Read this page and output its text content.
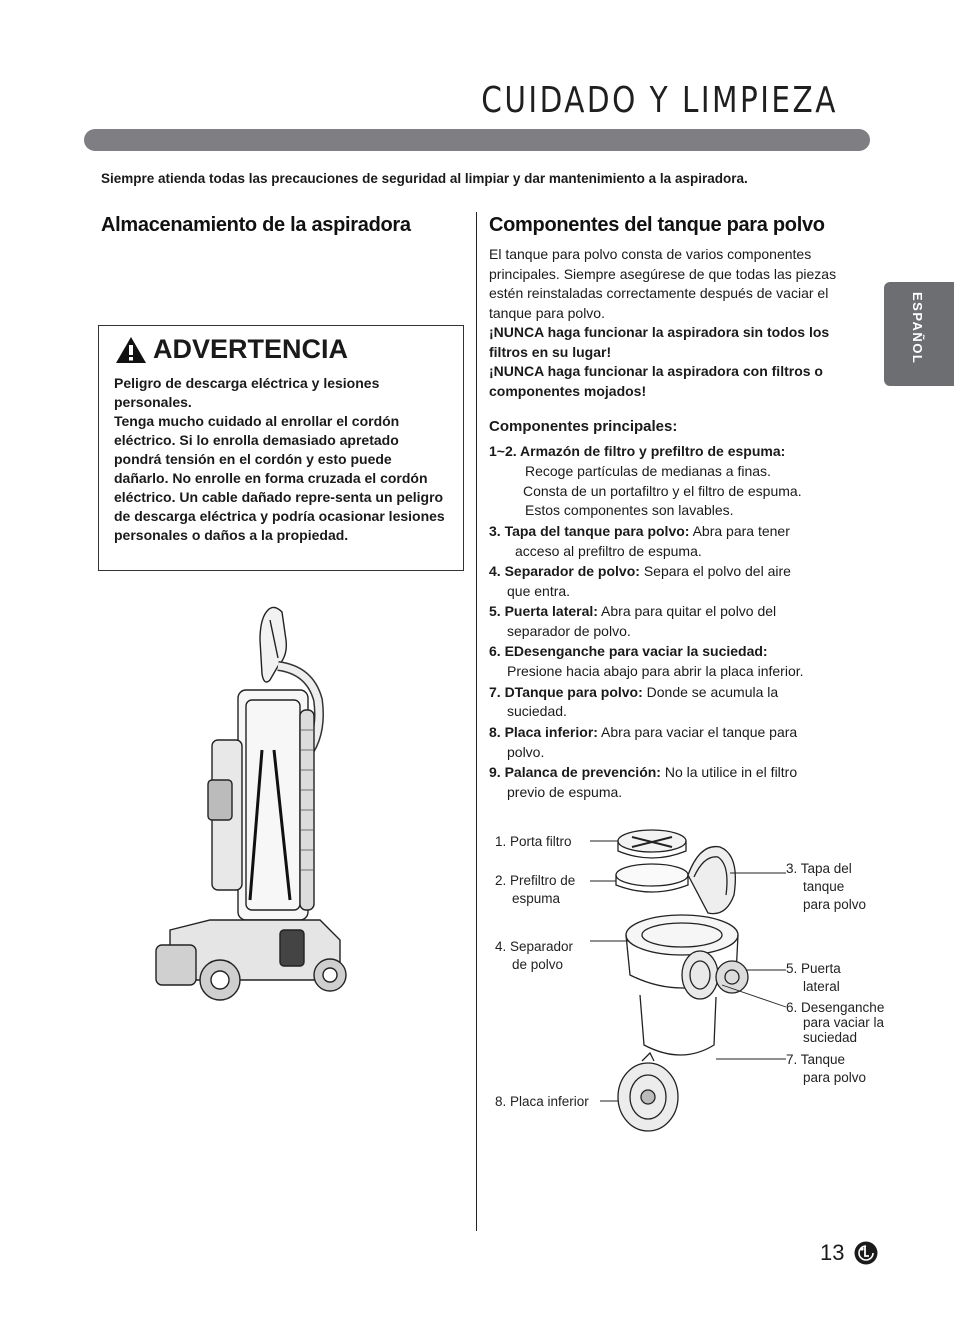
CUIDADO Y LIMPIEZA
Siempre atienda todas las precauciones de seguridad al limpiar y dar mantenimiento a la aspiradora.
ESPAÑOL
Almacenamiento de la aspiradora
ADVERTENCIA

Peligro de descarga eléctrica y lesiones personales.

Tenga mucho cuidado al enrollar el cordón eléctrico. Si lo enrolla demasiado apretado pondrá tensión en el cordón y esto puede dañarlo. No enrolle en forma cruzada el cordón eléctrico. Un cable dañado repre-senta un peligro de descarga eléctrica y podría ocasionar lesiones personales o daños a la propiedad.

Componentes del tanque para polvo

El tanque para polvo consta de varios componentes principales. Siempre asegúrese de que todas las piezas estén reinstaladas correctamente después de vaciar el tanque para polvo.

¡NUNCA haga funcionar la aspiradora sin todos los filtros en su lugar!

¡NUNCA haga funcionar la aspiradora con filtros o componentes mojados!

Componentes principales:
1~2. Armazón de filtro y prefiltro de espuma:
Recoge partículas de medianas a finas.
Consta de un portafiltro y el filtro de espuma.
Estos componentes son lavables.
3. Tapa del tanque para polvo: Abra para tener
acceso al prefiltro de espuma.
4. Separador de polvo: Separa el polvo del aire
que entra.
5. Puerta lateral: Abra para quitar el polvo del
separador de polvo.
6. EDesenganche para vaciar la suciedad:
Presione hacia abajo para abrir la placa inferior.
7. DTanque para polvo: Donde se acumula la
suciedad.
8. Placa inferior: Abra para vaciar el tanque para
polvo.
9. Palanca de prevención: No la utilice in el filtro
previo de espuma.
1. Porta filtro
2. Prefiltro de
espuma
3. Tapa del
tanque
para polvo
4. Separador
de polvo	5. Puerta
lateral
6. Desenganche
para vaciar la
suciedad
7. Tanque
para polvo
8. Placa inferior
13
LG
